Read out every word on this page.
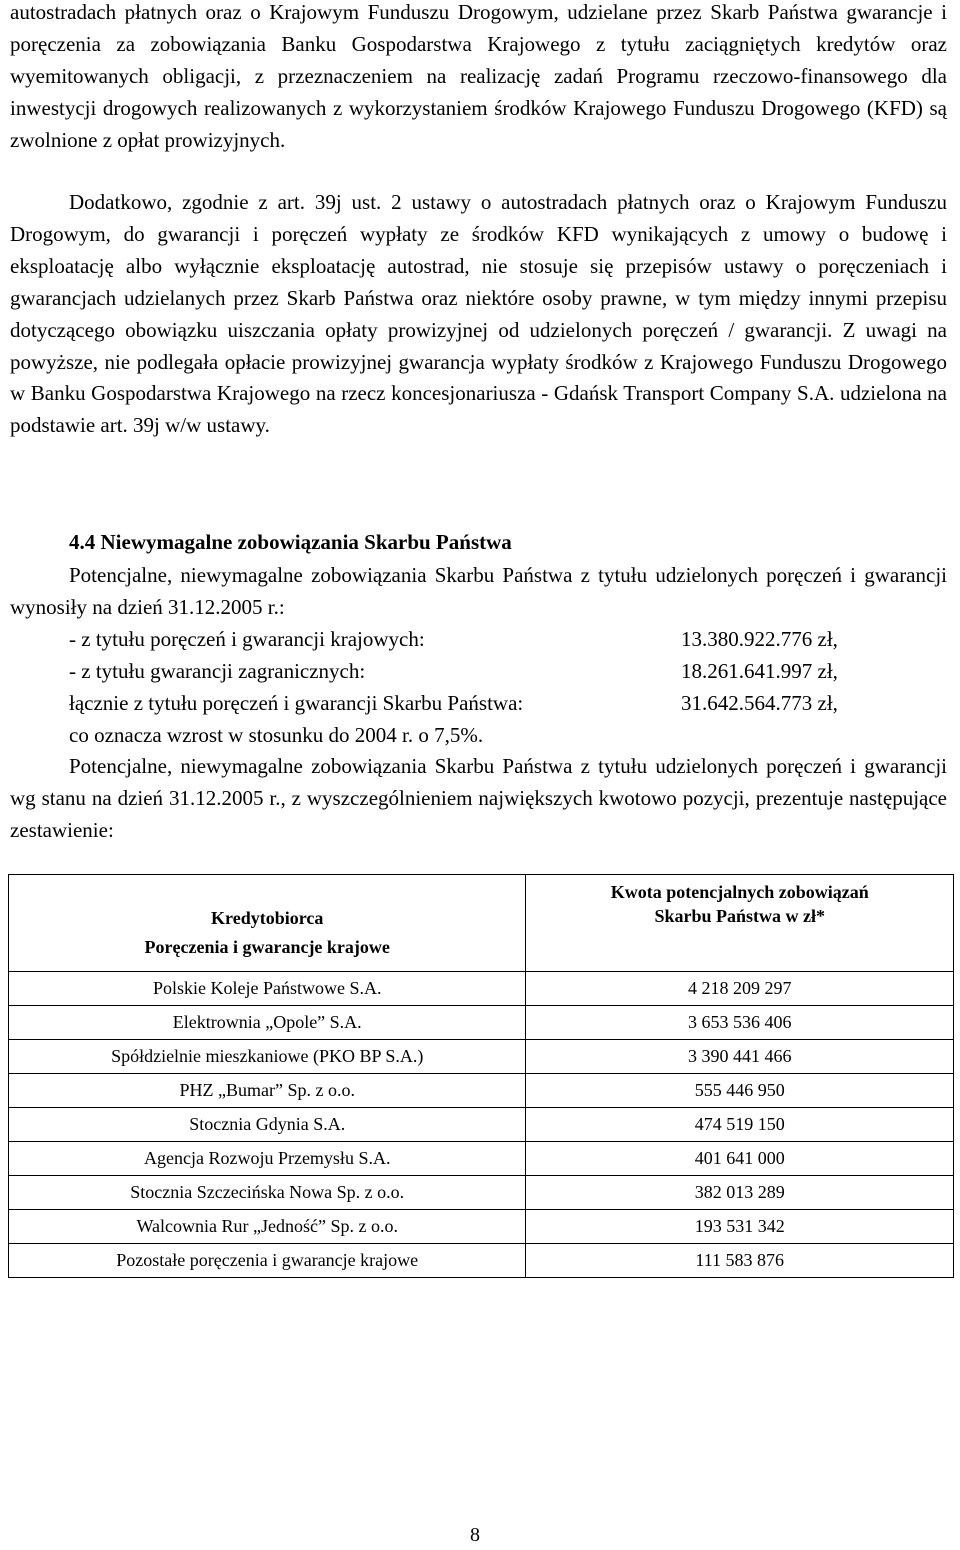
autostradach płatnych oraz o Krajowym Funduszu Drogowym, udzielane przez Skarb Państwa gwarancje i poręczenia za zobowiązania Banku Gospodarstwa Krajowego z tytułu zaciągniętych kredytów oraz wyemitowanych obligacji, z przeznaczeniem na realizację zadań Programu rzeczowo-finansowego dla inwestycji drogowych realizowanych z wykorzystaniem środków Krajowego Funduszu Drogowego (KFD) są zwolnione z opłat prowizyjnych.

Dodatkowo, zgodnie z art. 39j ust. 2 ustawy o autostradach płatnych oraz o Krajowym Funduszu Drogowym, do gwarancji i poręczeń wypłaty ze środków KFD wynikających z umowy o budowę i eksploatację albo wyłącznie eksploatację autostrad, nie stosuje się przepisów ustawy o poręczeniach i gwarancjach udzielanych przez Skarb Państwa oraz niektóre osoby prawne, w tym między innymi przepisu dotyczącego obowiązku uiszczania opłaty prowizyjnej od udzielonych poręczeń / gwarancji. Z uwagi na powyższe, nie podlegała opłacie prowizyjnej gwarancja wypłaty środków z Krajowego Funduszu Drogowego w Banku Gospodarstwa Krajowego na rzecz koncesjonariusza - Gdańsk Transport Company S.A. udzielona na podstawie art. 39j w/w ustawy.

4.4 Niewymagalne zobowiązania Skarbu Państwa

Potencjalne, niewymagalne zobowiązania Skarbu Państwa z tytułu udzielonych poręczeń i gwarancji wynosiły na dzień 31.12.2005 r.:

- z tytułu poręczeń i gwarancji krajowych:	13.380.922.776 zł,
- z tytułu gwarancji zagranicznych:	18.261.641.997 zł,
łącznie z tytułu poręczeń i gwarancji Skarbu Państwa:	31.642.564.773 zł,
co oznacza wzrost w stosunku do 2004 r. o 7,5%.

Potencjalne, niewymagalne zobowiązania Skarbu Państwa z tytułu udzielonych poręczeń i gwarancji wg stanu na dzień 31.12.2005 r., z wyszczególnieniem największych kwotowo pozycji, prezentuje następujące zestawienie:

Kredytobiorca
Poręczenia i gwarancje krajowe	Kwota potencjalnych zobowiązań
Skarbu Państwa w zł*

Polskie Koleje Państwowe S.A.	4 218 209 297
Elektrownia „Opole” S.A.	3 653 536 406
Spółdzielnie mieszkaniowe (PKO BP S.A.)	3 390 441 466
PHZ „Bumar” Sp. z o.o.	555 446 950
Stocznia Gdynia S.A.	474 519 150
Agencja Rozwoju Przemysłu S.A.	401 641 000
Stocznia Szczecińska Nowa Sp. z o.o.	382 013 289
Walcownia Rur „Jedność” Sp. z o.o.	193 531 342
Pozostałe poręczenia i gwarancje krajowe	111 583 876
8
